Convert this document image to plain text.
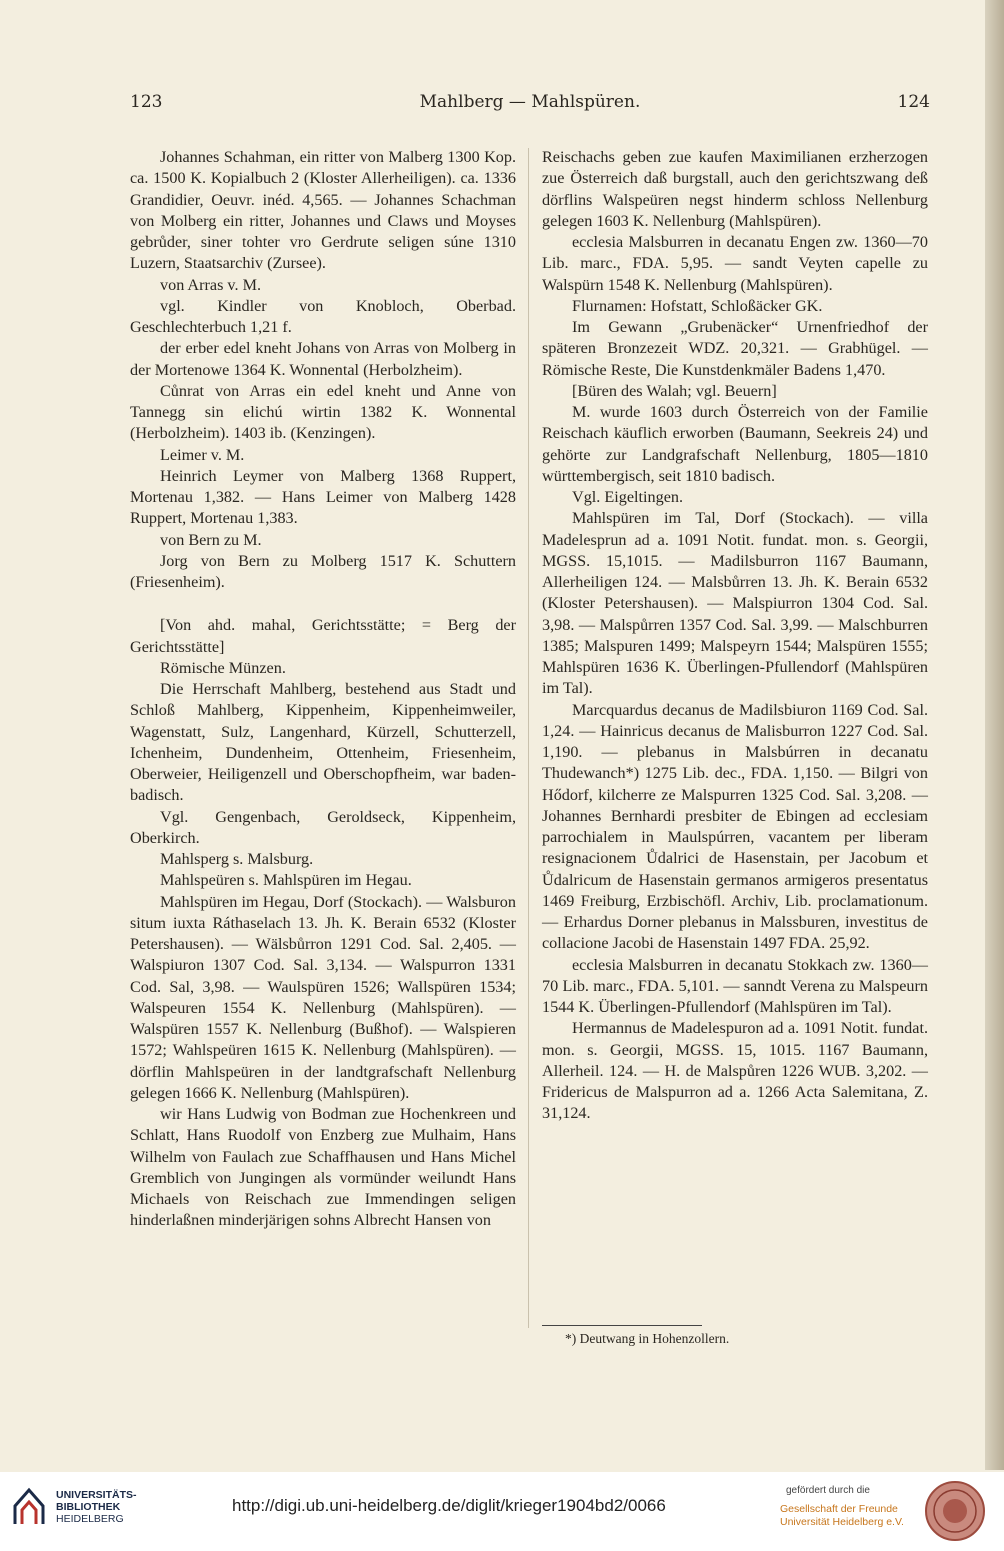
123	Mahlberg — Mahlspüren.	124

Johannes Schahman, ein ritter von Malberg 1300 Kop. ca. 1500 K. Kopialbuch 2 (Kloster Allerheiligen). ca. 1336 Grandidier, Oeuvr. inéd. 4,565. — Johannes Schachman von Molberg ein ritter, Johannes und Claws und Moyses gebrůder, siner tohter vro Gerdrute seligen súne 1310 Luzern, Staatsarchiv (Zursee).

von Arras v. M.

vgl. Kindler von Knobloch, Oberbad. Geschlechterbuch 1,21 f.

der erber edel kneht Johans von Arras von Molberg in der Mortenowe 1364 K. Wonnental (Herbolzheim).

Cůnrat von Arras ein edel kneht und Anne von Tannegg sin elichú wirtin 1382 K. Wonnental (Herbolzheim). 1403 ib. (Kenzingen).

Leimer v. M.

Heinrich Leymer von Malberg 1368 Ruppert, Mortenau 1,382. — Hans Leimer von Malberg 1428 Ruppert, Mortenau 1,383.

von Bern zu M.

Jorg von Bern zu Molberg 1517 K. Schuttern (Friesenheim).

[Von ahd. mahal, Gerichtsstätte; = Berg der Gerichtsstätte]

Römische Münzen.

Die Herrschaft Mahlberg, bestehend aus Stadt und Schloß Mahlberg, Kippenheim, Kippenheimweiler, Wagenstatt, Sulz, Langenhard, Kürzell, Schutterzell, Ichenheim, Dundenheim, Ottenheim, Friesenheim, Oberweier, Heiligenzell und Oberschopfheim, war baden-badisch.

Vgl. Gengenbach, Geroldseck, Kippenheim, Oberkirch.

Mahlsperg s. Malsburg.

Mahlspeüren s. Mahlspüren im Hegau.

Mahlspüren im Hegau, Dorf (Stockach). — Walsburon situm iuxta Ráthaselach 13. Jh. K. Berain 6532 (Kloster Petershausen). — Wälsbůrron 1291 Cod. Sal. 2,405. — Walspiuron 1307 Cod. Sal. 3,134. — Walspurron 1331 Cod. Sal, 3,98. — Waulspüren 1526; Wallspüren 1534; Walspeuren 1554 K. Nellenburg (Mahlspüren). — Walspüren 1557 K. Nellenburg (Bußhof). — Walspieren 1572; Wahlspeüren 1615 K. Nellenburg (Mahlspüren). — dörflin Mahlspeüren in der landtgrafschaft Nellenburg gelegen 1666 K. Nellenburg (Mahlspüren).

wir Hans Ludwig von Bodman zue Hochenkreen und Schlatt, Hans Ruodolf von Enzberg zue Mulhaim, Hans Wilhelm von Faulach zue Schaffhausen und Hans Michel Gremblich von Jungingen als vormünder weilundt Hans Michaels von Reischach zue Immendingen seligen hinderlaßnen minderjärigen sohns Albrecht Hansen von

Reischachs geben zue kaufen Maximilianen erzherzogen zue Österreich daß burgstall, auch den gerichtszwang deß dörflins Walspeüren negst hinderm schloss Nellenburg gelegen 1603 K. Nellenburg (Mahlspüren).

ecclesia Malsburren in decanatu Engen zw. 1360—70 Lib. marc., FDA. 5,95. — sandt Veyten capelle zu Walspürn 1548 K. Nellenburg (Mahlspüren).

Flurnamen: Hofstatt, Schloßäcker GK.

Im Gewann „Grubenäcker“ Urnenfriedhof der späteren Bronzezeit WDZ. 20,321. — Grabhügel. — Römische Reste, Die Kunstdenkmäler Badens 1,470.

[Büren des Walah; vgl. Beuern]

M. wurde 1603 durch Österreich von der Familie Reischach käuflich erworben (Baumann, Seekreis 24) und gehörte zur Landgrafschaft Nellenburg, 1805—1810 württembergisch, seit 1810 badisch.

Vgl. Eigeltingen.

Mahlspüren im Tal, Dorf (Stockach). — villa Madelesprun ad a. 1091 Notit. fundat. mon. s. Georgii, MGSS. 15,1015. — Madilsburron 1167 Baumann, Allerheiligen 124. — Malsbůrren 13. Jh. K. Berain 6532 (Kloster Petershausen). — Malspiurron 1304 Cod. Sal. 3,98. — Malspůrren 1357 Cod. Sal. 3,99. — Malschburren 1385; Malspuren 1499; Malspeyrn 1544; Malspüren 1555; Mahlspüren 1636 K. Überlingen-Pfullendorf (Mahlspüren im Tal).

Marcquardus decanus de Madilsbiuron 1169 Cod. Sal. 1,24. — Hainricus decanus de Malisburron 1227 Cod. Sal. 1,190. — plebanus in Malsbúrren in decanatu Thudewanch*) 1275 Lib. dec., FDA. 1,150. — Bilgri von Hődorf, kilcherre ze Malspurren 1325 Cod. Sal. 3,208. — Johannes Bernhardi presbiter de Ebingen ad ecclesiam parrochialem in Maulspúrren, vacantem per liberam resignacionem Ůdalrici de Hasenstain, per Jacobum et Ůdalricum de Hasenstain germanos armigeros presentatus 1469 Freiburg, Erzbischöfl. Archiv, Lib. proclamationum. — Erhardus Dorner plebanus in Malssburen, investitus de collacione Jacobi de Hasenstain 1497 FDA. 25,92.

ecclesia Malsburren in decanatu Stokkach zw. 1360—70 Lib. marc., FDA. 5,101. — sanndt Verena zu Malspeurn 1544 K. Überlingen-Pfullendorf (Mahlspüren im Tal).

Hermannus de Madelespuron ad a. 1091 Notit. fundat. mon. s. Georgii, MGSS. 15, 1015. 1167 Baumann, Allerheil. 124. — H. de Malspůren 1226 WUB. 3,202. — Fridericus de Malspurron ad a. 1266 Acta Salemitana, Z. 31,124.

*) Deutwang in Hohenzollern.
UNIVERSITÄTS-
BIBLIOTHEK
HEIDELBERG
http://digi.ub.uni-heidelberg.de/diglit/krieger1904bd2/0066
gefördert durch die
Gesellschaft der Freunde
Universität Heidelberg e.V.
